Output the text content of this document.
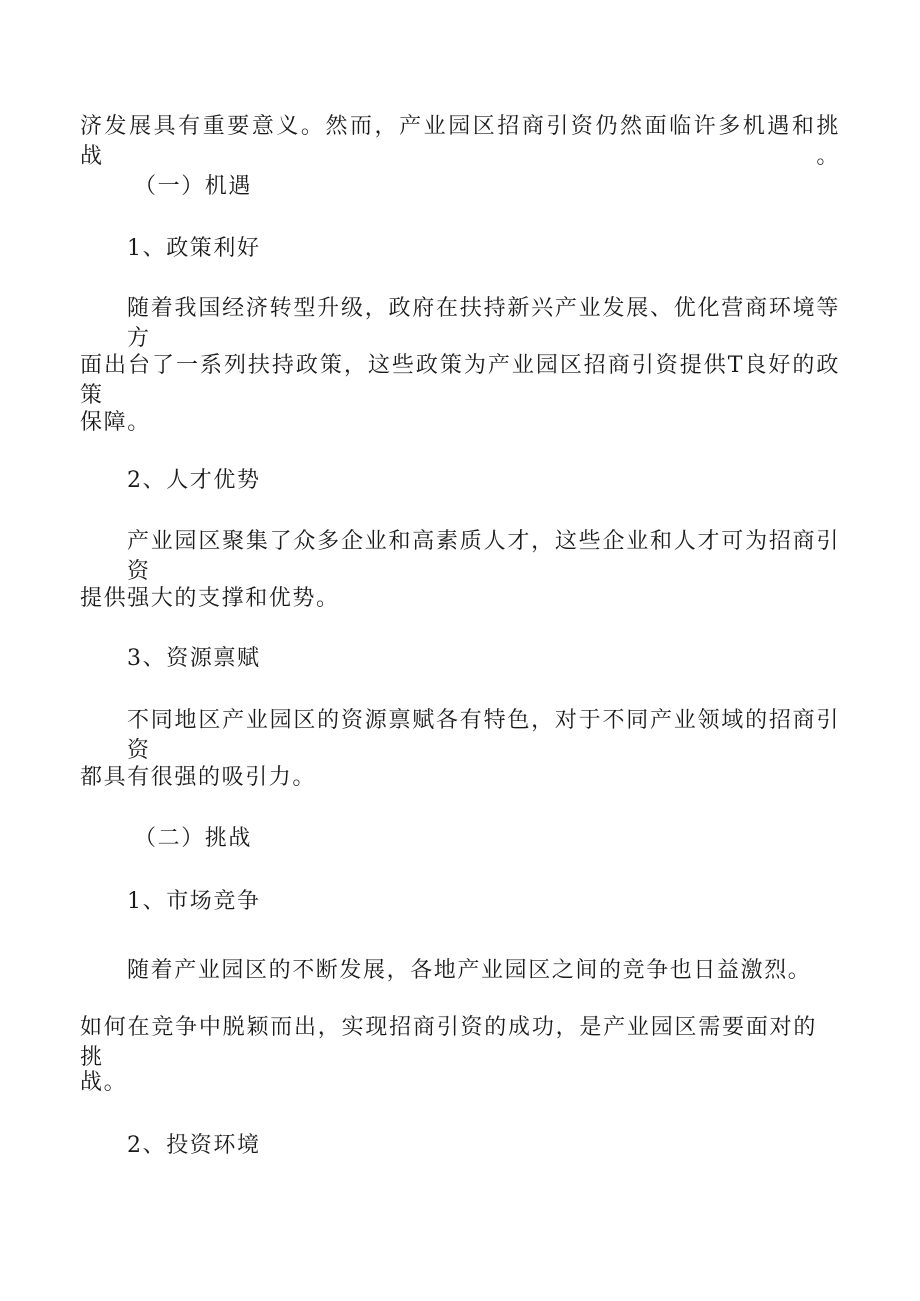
济发展具有重要意义。然而，产业园区招商引资仍然面临许多机遇和挑战。
（一）机遇
1、政策利好
随着我国经济转型升级，政府在扶持新兴产业发展、优化营商环境等方
面出台了一系列扶持政策，这些政策为产业园区招商引资提供T良好的政策
保障。
2、人才优势
产业园区聚集了众多企业和高素质人才，这些企业和人才可为招商引资
提供强大的支撑和优势。
3、资源禀赋
不同地区产业园区的资源禀赋各有特色，对于不同产业领域的招商引资
都具有很强的吸引力。
（二）挑战
1、市场竞争
随着产业园区的不断发展，各地产业园区之间的竞争也日益激烈。
如何在竞争中脱颖而出，实现招商引资的成功，是产业园区需要面对的挑
战。
2、投资环境
